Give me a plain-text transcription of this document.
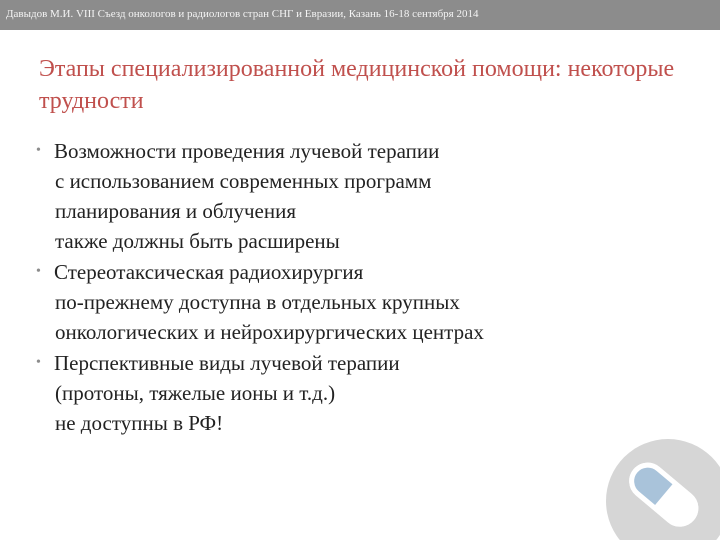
Давыдов М.И. VIII Съезд онкологов и радиологов стран СНГ и Евразии, Казань 16-18 сентября 2014
Этапы специализированной медицинской помощи: некоторые трудности
• Возможности проведения лучевой терапии
с использованием современных программ
планирования и облучения
также должны быть расширены
• Стереотаксическая радиохирургия
по-прежнему доступна в отдельных крупных
онкологических и нейрохирургических центрах
• Перспективные виды лучевой терапии
(протоны, тяжелые ионы и т.д.)
не доступны в РФ!
